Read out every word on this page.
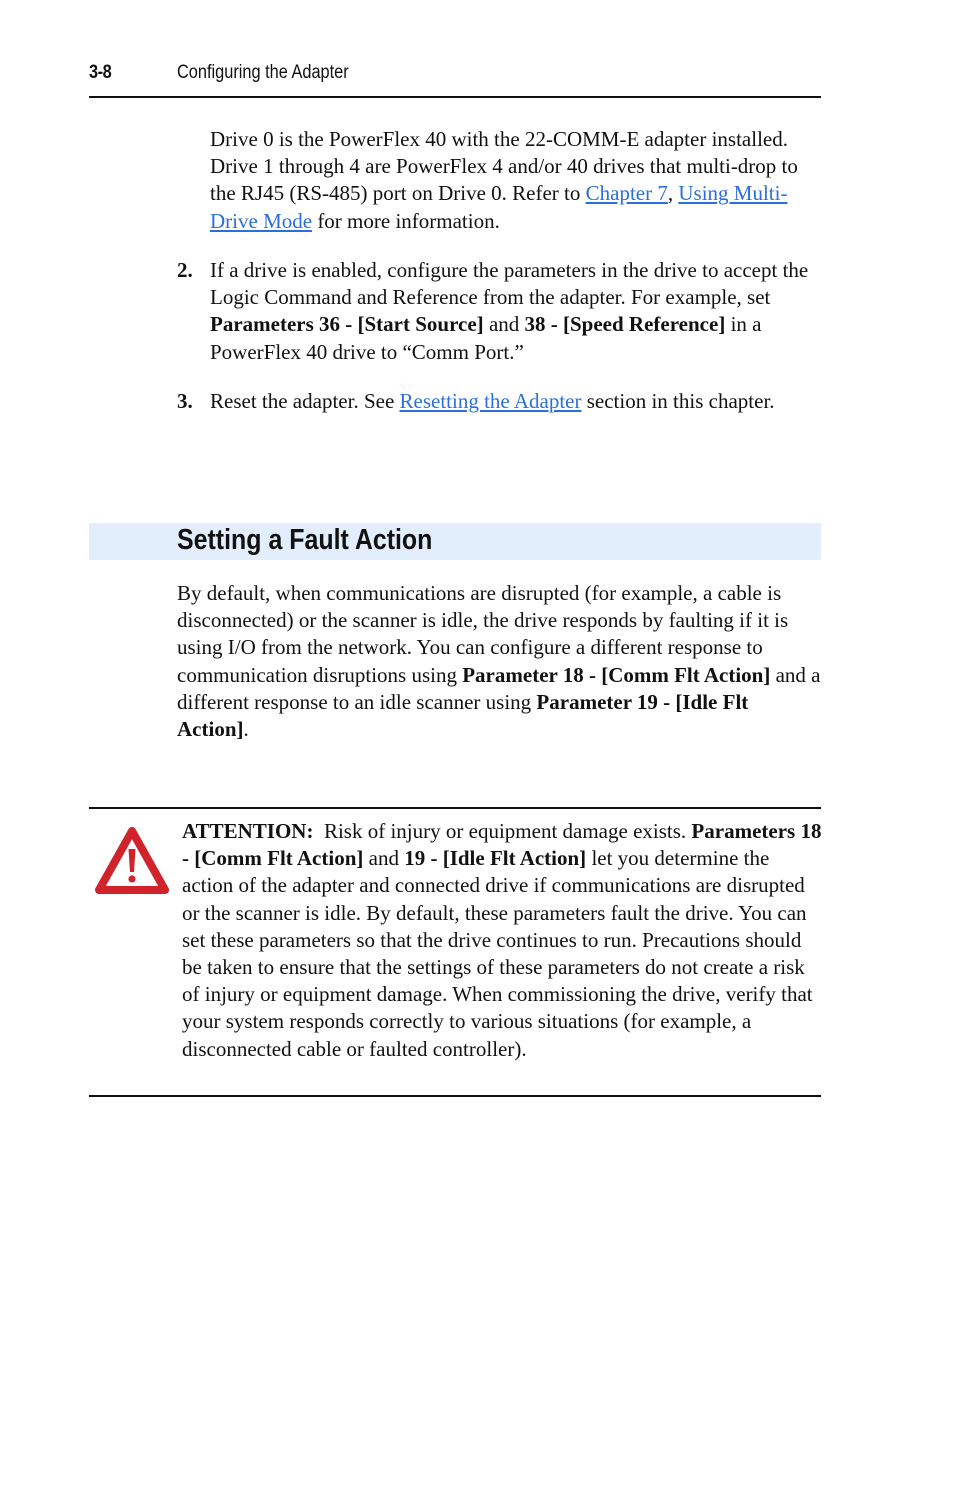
3-8	Configuring the Adapter
Drive 0 is the PowerFlex 40 with the 22-COMM-E adapter installed. Drive 1 through 4 are PowerFlex 4 and/or 40 drives that multi-drop to the RJ45 (RS-485) port on Drive 0. Refer to Chapter 7, Using Multi-Drive Mode for more information.
2. If a drive is enabled, configure the parameters in the drive to accept the Logic Command and Reference from the adapter. For example, set Parameters 36 - [Start Source] and 38 - [Speed Reference] in a PowerFlex 40 drive to “Comm Port.”
3. Reset the adapter. See Resetting the Adapter section in this chapter.
Setting a Fault Action
By default, when communications are disrupted (for example, a cable is disconnected) or the scanner is idle, the drive responds by faulting if it is using I/O from the network. You can configure a different response to communication disruptions using Parameter 18 - [Comm Flt Action] and a different response to an idle scanner using Parameter 19 - [Idle Flt Action].
ATTENTION:  Risk of injury or equipment damage exists. Parameters 18 - [Comm Flt Action] and 19 - [Idle Flt Action] let you determine the action of the adapter and connected drive if communications are disrupted or the scanner is idle. By default, these parameters fault the drive. You can set these parameters so that the drive continues to run. Precautions should be taken to ensure that the settings of these parameters do not create a risk of injury or equipment damage. When commissioning the drive, verify that your system responds correctly to various situations (for example, a disconnected cable or faulted controller).
